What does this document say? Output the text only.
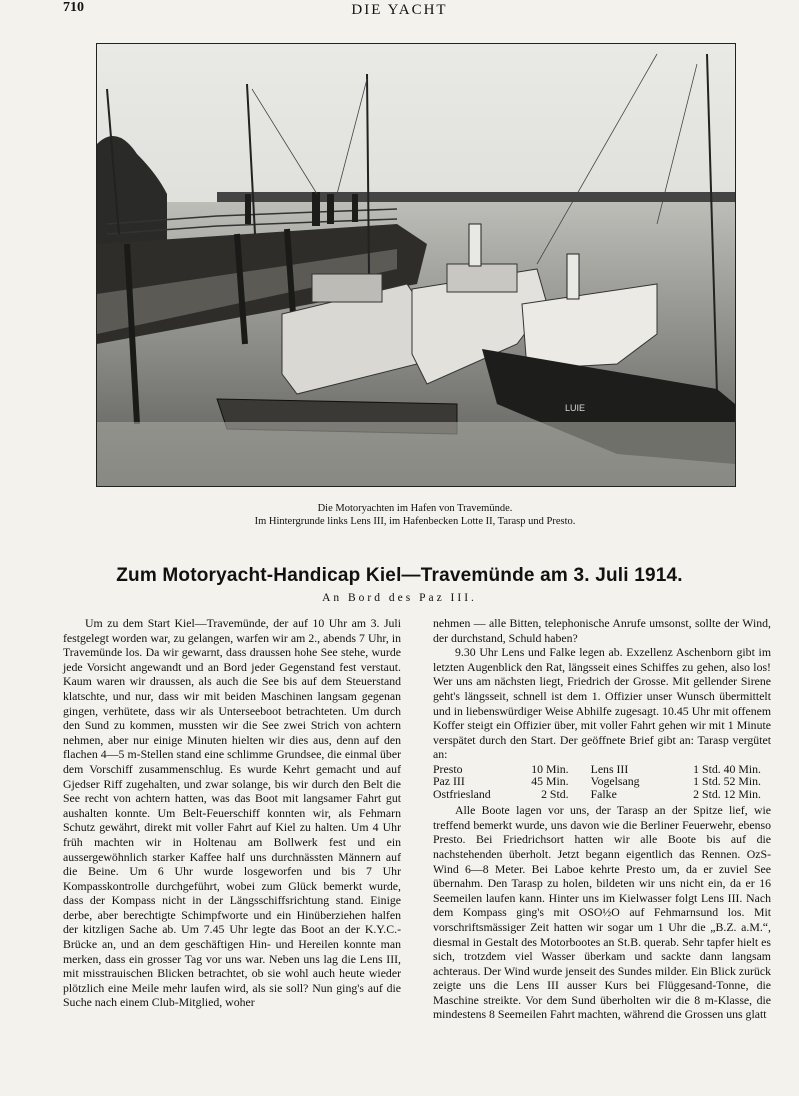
710	DIE YACHT
LUIE
Die Motoryachten im Hafen von Travemünde.
Im Hintergrunde links Lens III, im Hafenbecken Lotte II, Tarasp und Presto.
Zum Motoryacht-Handicap Kiel—Travemünde am 3. Juli 1914.
An Bord des Paz III.

Um zu dem Start Kiel—Travemünde, der auf 10 Uhr am 3. Juli festgelegt worden war, zu gelangen, warfen wir am 2., abends 7 Uhr, in Travemünde los. Da wir gewarnt, dass draussen hohe See stehe, wurde jede Vorsicht angewandt und an Bord jeder Gegenstand fest verstaut. Kaum waren wir draussen, als auch die See bis auf dem Steuerstand klatschte, und nur, dass wir mit beiden Maschinen langsam gegenan gingen, verhütete, dass wir als Unterseeboot betrachteten. Um durch den Sund zu kommen, mussten wir die See zwei Strich von achtern nehmen, aber nur einige Minuten hielten wir dies aus, denn auf den flachen 4—5 m-Stellen stand eine schlimme Grundsee, die einmal über dem Vorschiff zusammenschlug. Es wurde Kehrt gemacht und auf Gjedser Riff zugehalten, und zwar solange, bis wir durch den Belt die See recht von achtern hatten, was das Boot mit langsamer Fahrt gut aushalten konnte. Um Belt-Feuerschiff konnten wir, als Fehmarn Schutz gewährt, direkt mit voller Fahrt auf Kiel zu halten. Um 4 Uhr früh machten wir in Holtenau am Bollwerk fest und ein aussergewöhnlich starker Kaffee half uns durchnässten Männern auf die Beine. Um 6 Uhr wurde losgeworfen und bis 7 Uhr Kompasskontrolle durchgeführt, wobei zum Glück bemerkt wurde, dass der Kompass nicht in der Längsschiffsrichtung stand. Einige derbe, aber berechtigte Schimpfworte und ein Hinüberziehen halfen der kitzligen Sache ab. Um 7.45 Uhr legte das Boot an der K.Y.C.-Brücke an, und an dem geschäftigen Hin- und Hereilen konnte man merken, dass ein grosser Tag vor uns war. Neben uns lag die Lens III, mit misstrauischen Blicken betrachtet, ob sie wohl auch heute wieder plötzlich eine Meile mehr laufen wird, als sie soll? Nun ging's auf die Suche nach einem Club-Mitglied, woher

nehmen — alle Bitten, telephonische Anrufe umsonst, sollte der Wind, der durchstand, Schuld haben?

9.30 Uhr Lens und Falke legen ab. Exzellenz Aschenborn gibt im letzten Augenblick den Rat, längsseit eines Schiffes zu gehen, also los! Wer uns am nächsten liegt, Friedrich der Grosse. Mit gellender Sirene geht's längsseit, schnell ist dem 1. Offizier unser Wunsch übermittelt und in liebenswürdiger Weise Abhilfe zugesagt. 10.45 Uhr mit offenem Koffer steigt ein Offizier über, mit voller Fahrt gehen wir mit 1 Minute verspätet durch den Start. Der geöffnete Brief gibt an: Tarasp vergütet an:

Presto	10 Min.	Lens III	1 Std. 40 Min.
Paz III	45 Min.	Vogelsang	1 Std. 52 Min.
Ostfriesland	2 Std.	Falke	2 Std. 12 Min.

Alle Boote lagen vor uns, der Tarasp an der Spitze lief, wie treffend bemerkt wurde, uns davon wie die Berliner Feuerwehr, ebenso Presto. Bei Friedrichsort hatten wir alle Boote bis auf die nachstehenden überholt. Jetzt begann eigentlich das Rennen. OzS-Wind 6—8 Meter. Bei Laboe kehrte Presto um, da er zuviel See übernahm. Den Tarasp zu holen, bildeten wir uns nicht ein, da er 16 Seemeilen laufen kann. Hinter uns im Kielwasser folgt Lens III. Nach dem Kompass ging's mit OSO½O auf Fehmarnsund los. Mit vorschriftsmässiger Zeit hatten wir sogar um 1 Uhr die „B.Z. a.M.“, diesmal in Gestalt des Motorbootes an St.B. querab. Sehr tapfer hielt es sich, trotzdem viel Wasser überkam und sackte dann langsam achteraus. Der Wind wurde jenseit des Sundes milder. Ein Blick zurück zeigte uns die Lens III ausser Kurs bei Flüggesand-Tonne, die Maschine streikte. Vor dem Sund überholten wir die 8 m-Klasse, die mindestens 8 Seemeilen Fahrt machten, während die Grossen uns glatt
